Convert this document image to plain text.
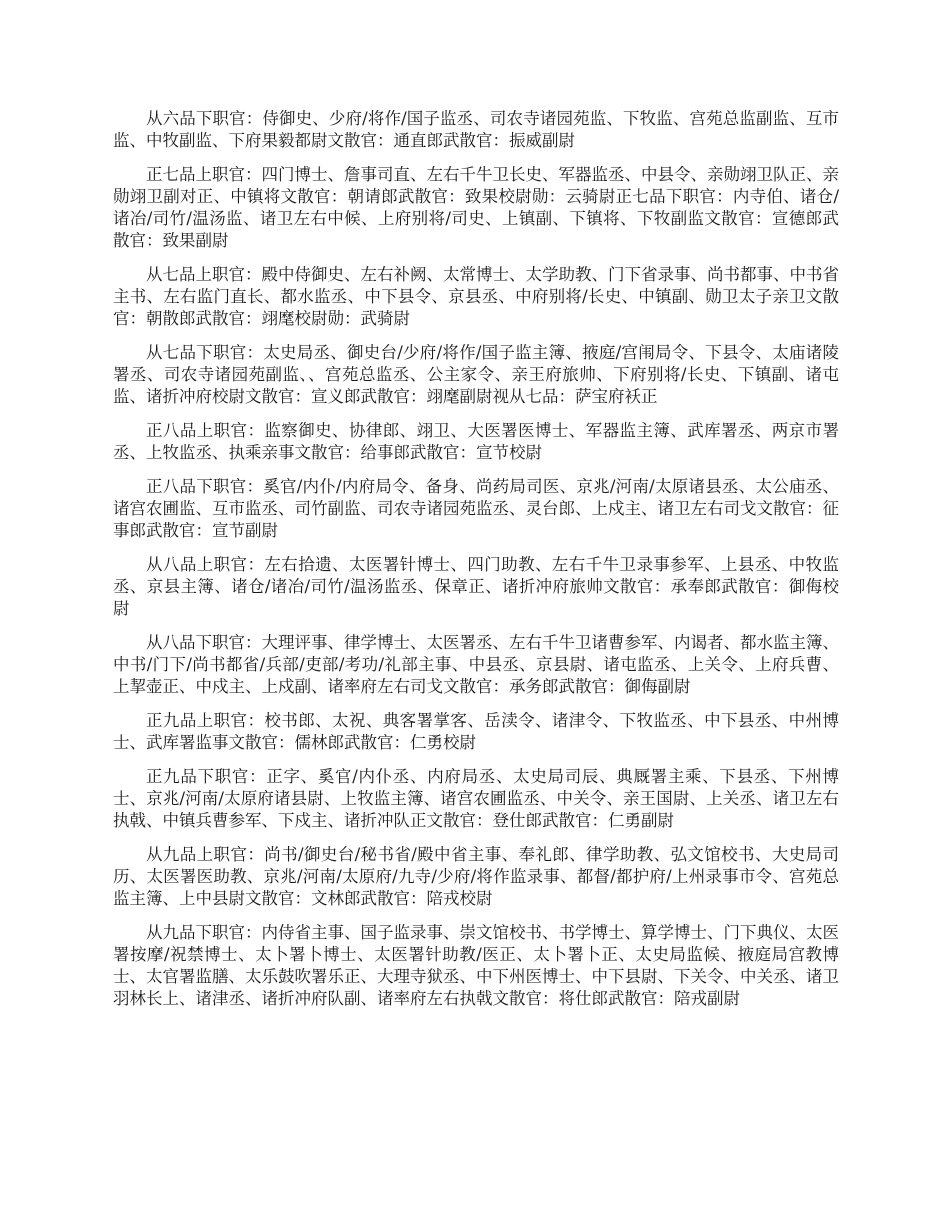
从六品下职官：侍御史、少府/将作/国子监丞、司农寺诸园苑监、下牧监、宫苑总监副监、互市监、中牧副监、下府果毅都尉文散官：通直郎武散官：振威副尉

正七品上职官：四门博士、詹事司直、左右千牛卫长史、军器监丞、中县令、亲勋翊卫队正、亲勋翊卫副对正、中镇将文散官：朝请郎武散官：致果校尉勋：云骑尉正七品下职官：内寺伯、诸仓/诸冶/司竹/温汤监、诸卫左右中候、上府别将/司史、上镇副、下镇将、下牧副监文散官：宣德郎武散官：致果副尉

从七品上职官：殿中侍御史、左右补阙、太常博士、太学助教、门下省录事、尚书都事、中书省主书、左右监门直长、都水监丞、中下县令、京县丞、中府别将/长史、中镇副、勋卫太子亲卫文散官：朝散郎武散官：翊麾校尉勋：武骑尉

从七品下职官：太史局丞、御史台/少府/将作/国子监主簿、掖庭/宫闱局令、下县令、太庙诸陵署丞、司农寺诸园苑副监、、宫苑总监丞、公主家令、亲王府旅帅、下府别将/长史、下镇副、诸屯监、诸折冲府校尉文散官：宣义郎武散官：翊麾副尉视从七品：萨宝府袄正

正八品上职官：监察御史、协律郎、翊卫、大医署医博士、军器监主簿、武库署丞、两京市署丞、上牧监丞、执乘亲事文散官：给事郎武散官：宣节校尉

正八品下职官：奚官/内仆/内府局令、备身、尚药局司医、京兆/河南/太原诸县丞、太公庙丞、诸宫农圃监、互市监丞、司竹副监、司农寺诸园苑监丞、灵台郎、上戍主、诸卫左右司戈文散官：征事郎武散官：宣节副尉

从八品上职官：左右拾遗、太医署针博士、四门助教、左右千牛卫录事参军、上县丞、中牧监丞、京县主簿、诸仓/诸冶/司竹/温汤监丞、保章正、诸折冲府旅帅文散官：承奉郎武散官：御侮校尉

从八品下职官：大理评事、律学博士、太医署丞、左右千牛卫诸曹参军、内谒者、都水监主簿、中书/门下/尚书都省/兵部/吏部/考功/礼部主事、中县丞、京县尉、诸屯监丞、上关令、上府兵曹、上挈壶正、中戍主、上戍副、诸率府左右司戈文散官：承务郎武散官：御侮副尉

正九品上职官：校书郎、太祝、典客署掌客、岳渎令、诸津令、下牧监丞、中下县丞、中州博士、武库署监事文散官：儒林郎武散官：仁勇校尉

正九品下职官：正字、奚官/内仆丞、内府局丞、太史局司辰、典厩署主乘、下县丞、下州博士、京兆/河南/太原府诸县尉、上牧监主簿、诸宫农圃监丞、中关令、亲王国尉、上关丞、诸卫左右执戟、中镇兵曹参军、下戍主、诸折冲队正文散官：登仕郎武散官：仁勇副尉

从九品上职官：尚书/御史台/秘书省/殿中省主事、奉礼郎、律学助教、弘文馆校书、大史局司历、太医署医助教、京兆/河南/太原府/九寺/少府/将作监录事、都督/都护府/上州录事市令、宫苑总监主簿、上中县尉文散官：文林郎武散官：陪戎校尉

从九品下职官：内侍省主事、国子监录事、崇文馆校书、书学博士、算学博士、门下典仪、太医署按摩/祝禁博士、太卜署卜博士、太医署针助教/医正、太卜署卜正、太史局监候、掖庭局宫教博士、太官署监膳、太乐鼓吹署乐正、大理寺狱丞、中下州医博士、中下县尉、下关令、中关丞、诸卫羽林长上、诸津丞、诸折冲府队副、诸率府左右执戟文散官：将仕郎武散官：陪戎副尉
